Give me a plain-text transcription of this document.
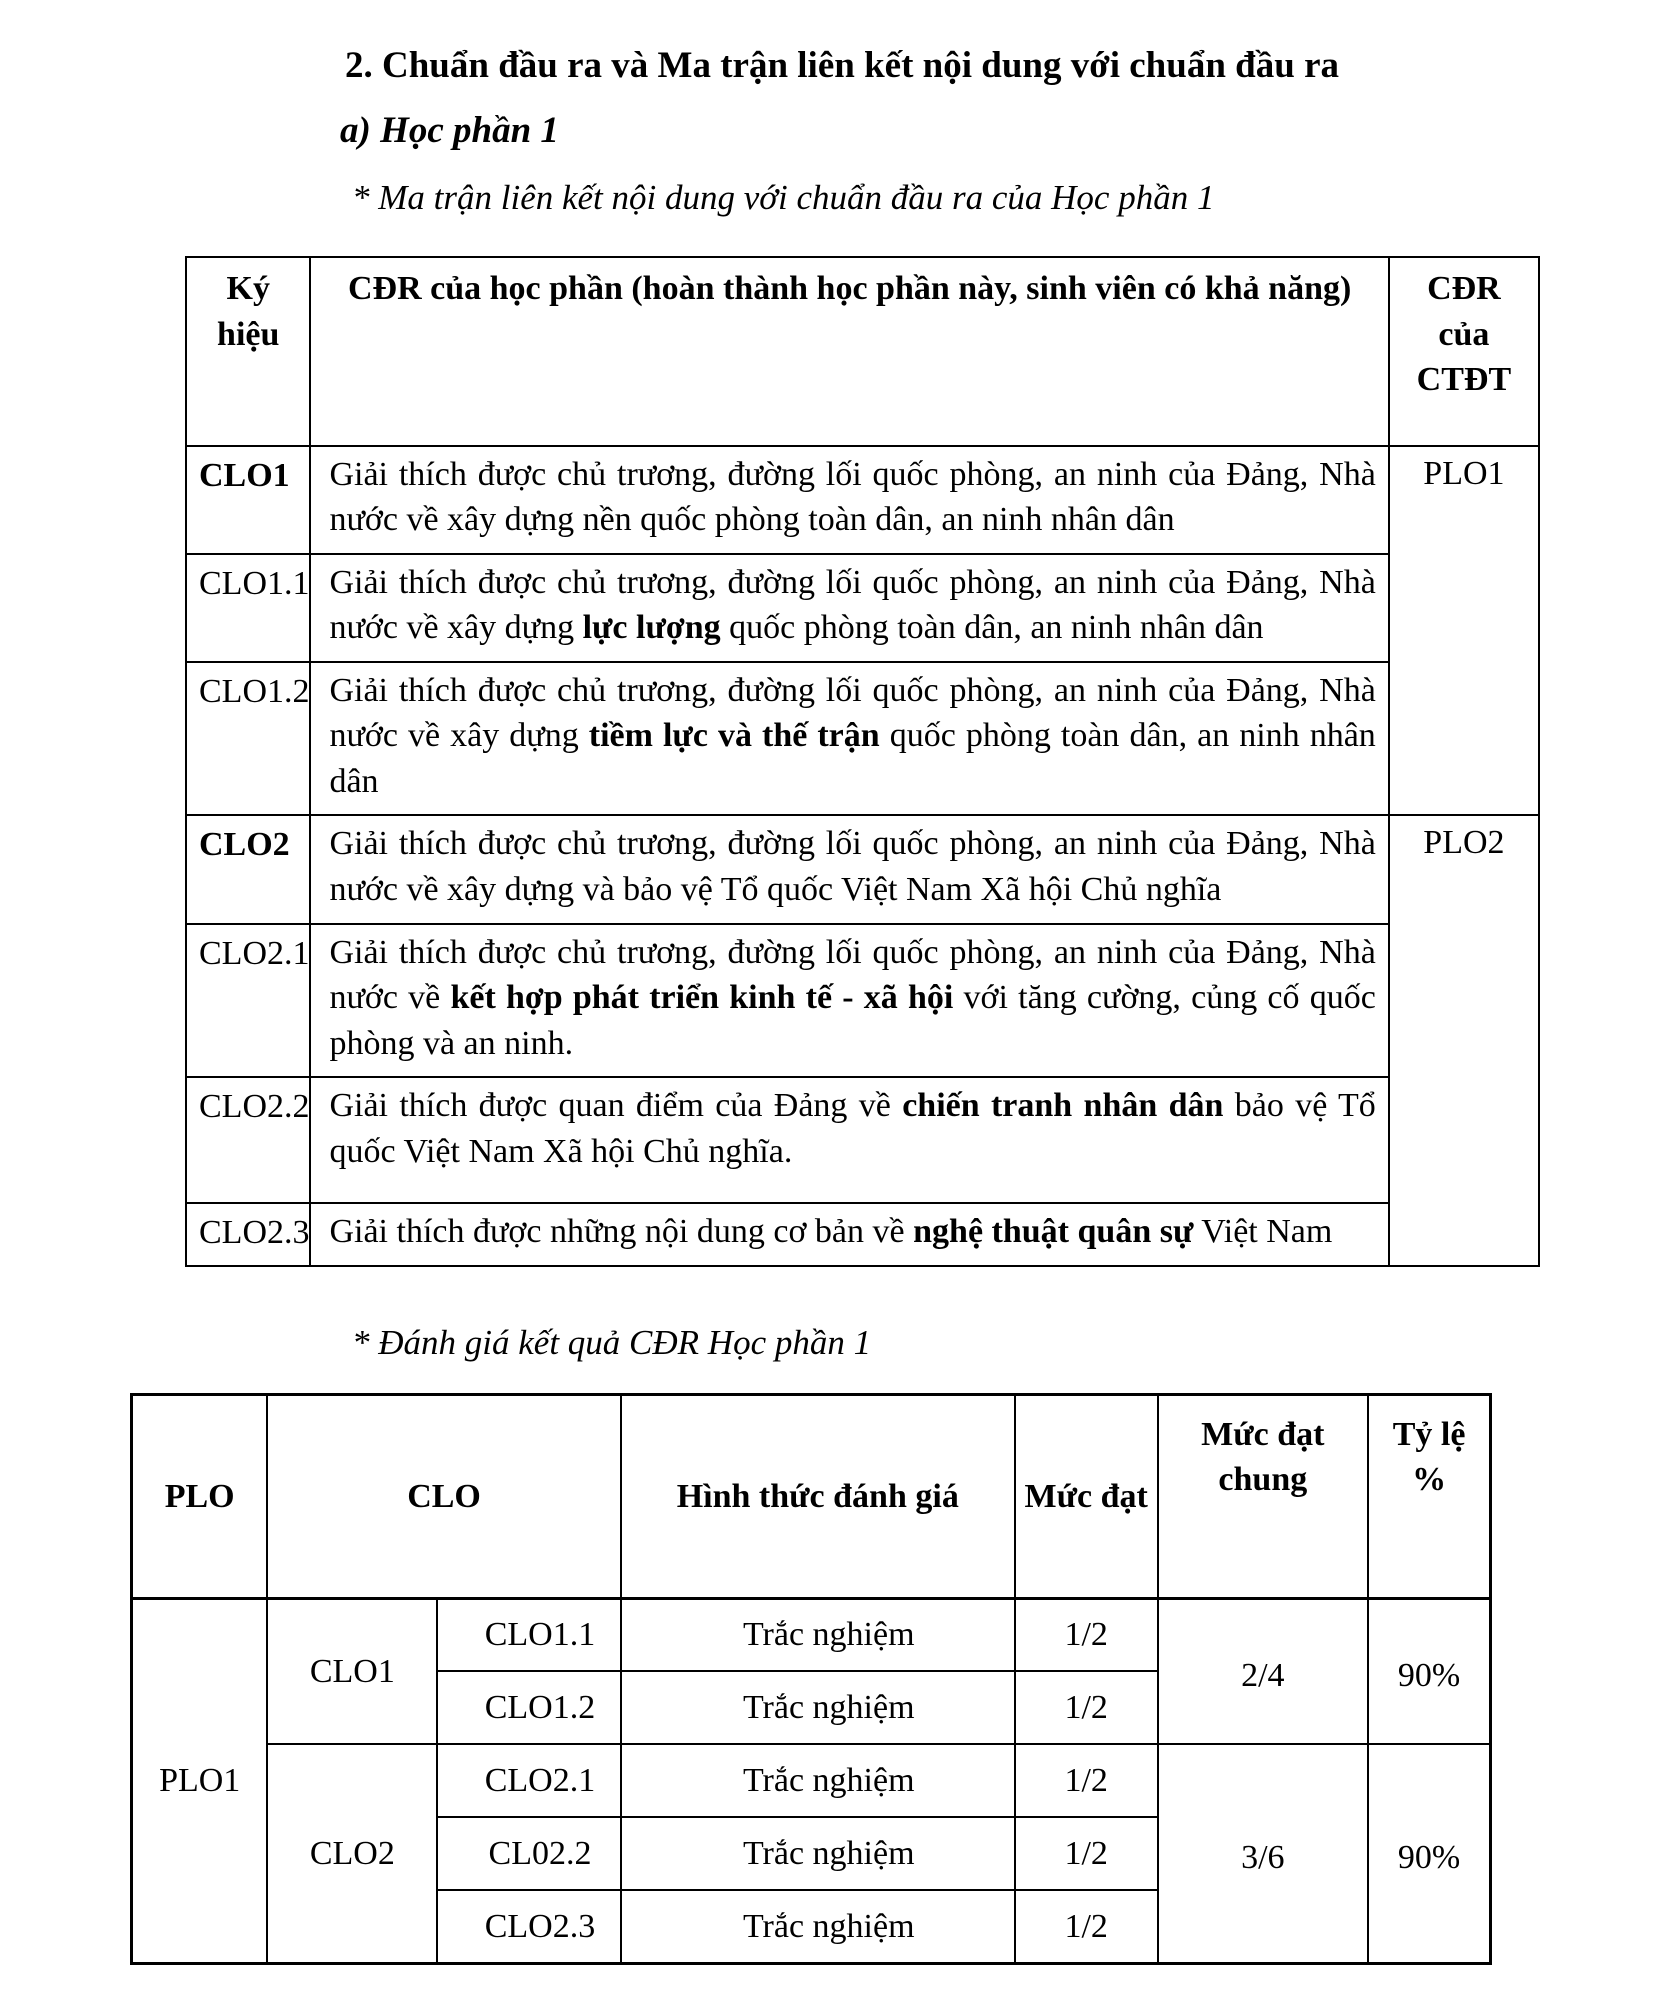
2. Chuẩn đầu ra và Ma trận liên kết nội dung với chuẩn đầu ra
a) Học phần 1
* Ma trận liên kết nội dung với chuẩn đầu ra của Học phần 1
Ký hiệu	CĐR của học phần (hoàn thành học phần này, sinh viên có khả năng)	CĐR của CTĐT
CLO1	Giải thích được chủ trương, đường lối quốc phòng, an ninh của Đảng, Nhà nước về xây dựng nền quốc phòng toàn dân, an ninh nhân dân	PLO1
CLO1.1	Giải thích được chủ trương, đường lối quốc phòng, an ninh của Đảng, Nhà nước về xây dựng lực lượng quốc phòng toàn dân, an ninh nhân dân	
CLO1.2	Giải thích được chủ trương, đường lối quốc phòng, an ninh của Đảng, Nhà nước về xây dựng tiềm lực và thế trận quốc phòng toàn dân, an ninh nhân dân	
CLO2	Giải thích được chủ trương, đường lối quốc phòng, an ninh của Đảng, Nhà nước về xây dựng và bảo vệ Tổ quốc Việt Nam Xã hội Chủ nghĩa	PLO2
CLO2.1	Giải thích được chủ trương, đường lối quốc phòng, an ninh của Đảng, Nhà nước về kết hợp phát triển kinh tế - xã hội với tăng cường, củng cố quốc phòng và an ninh.	
CLO2.2	Giải thích được quan điểm của Đảng về chiến tranh nhân dân bảo vệ Tổ quốc Việt Nam Xã hội Chủ nghĩa.	
CLO2.3	Giải thích được những nội dung cơ bản về nghệ thuật quân sự Việt Nam	
* Đánh giá kết quả CĐR Học phần 1
PLO	CLO		Hình thức đánh giá	Mức đạt	Mức đạt chung	Tỷ lệ %
PLO1	CLO1	CLO1.1	Trắc nghiệm	1/2	2/4	90%
		CLO1.2	Trắc nghiệm	1/2		
	CLO2	CLO2.1	Trắc nghiệm	1/2	3/6	90%
		CL02.2	Trắc nghiệm	1/2		
		CLO2.3	Trắc nghiệm	1/2		
